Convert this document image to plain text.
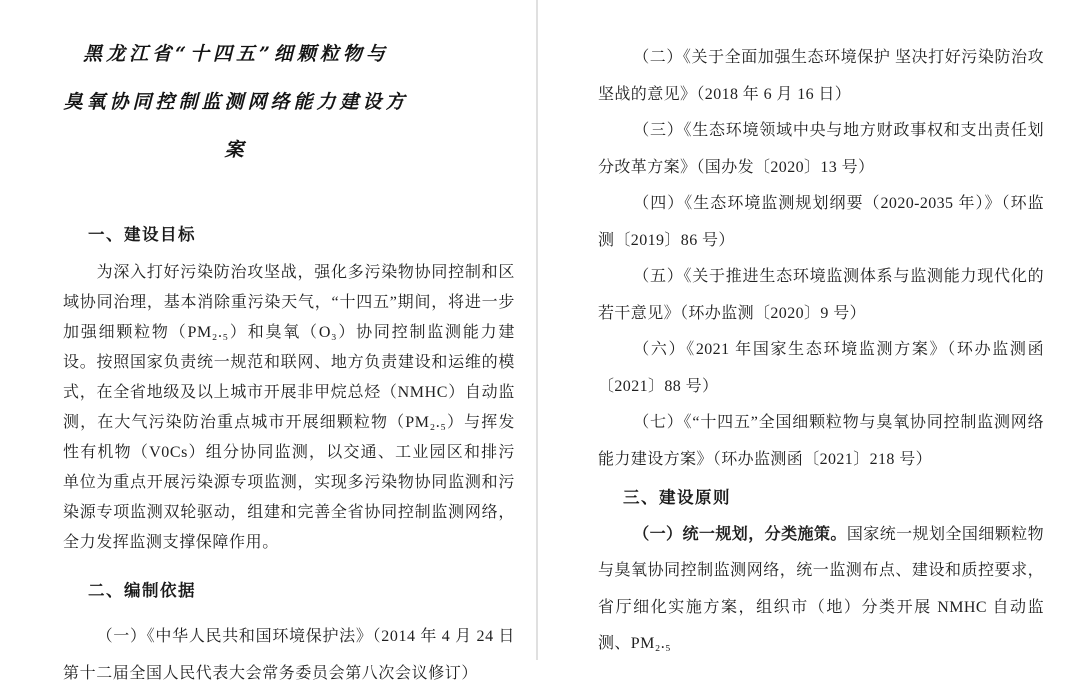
黑龙江省“十四五”细颗粒物与
臭氧协同控制监测网络能力建设方案
一、建设目标

为深入打好污染防治攻坚战，强化多污染物协同控制和区域协同治理，基本消除重污染天气，“十四五”期间，将进一步加强细颗粒物（PM₂.₅）和臭氧（O₃）协同控制监测能力建设。按照国家负责统一规范和联网、地方负责建设和运维的模式，在全省地级及以上城市开展非甲烷总烃（NMHC）自动监测，在大气污染防治重点城市开展细颗粒物（PM₂.₅）与挥发性有机物（V0Cs）组分协同监测，以交通、工业园区和排污单位为重点开展污染源专项监测，实现多污染物协同监测和污染源专项监测双轮驱动，组建和完善全省协同控制监测网络，全力发挥监测支撑保障作用。

二、编制依据

（一）《中华人民共和国环境保护法》（2014 年 4 月 24 日第十二届全国人民代表大会常务委员会第八次会议修订）

（二）《关于全面加强生态环境保护 坚决打好污染防治攻坚战的意见》（2018 年 6 月 16 日）

（三）《生态环境领域中央与地方财政事权和支出责任划分改革方案》（国办发〔2020〕13 号）

（四）《生态环境监测规划纲要（2020-2035 年）》（环监测〔2019〕86 号）

（五）《关于推进生态环境监测体系与监测能力现代化的若干意见》（环办监测〔2020〕9 号）

（六）《2021 年国家生态环境监测方案》（环办监测函〔2021〕88 号）

（七）《“十四五”全国细颗粒物与臭氧协同控制监测网络能力建设方案》（环办监测函〔2021〕218 号）

三、建设原则

（一）统一规划，分类施策。国家统一规划全国细颗粒物与臭氧协同控制监测网络，统一监测布点、建设和质控要求，省厅细化实施方案，组织市（地）分类开展 NMHC 自动监测、PM₂.₅
